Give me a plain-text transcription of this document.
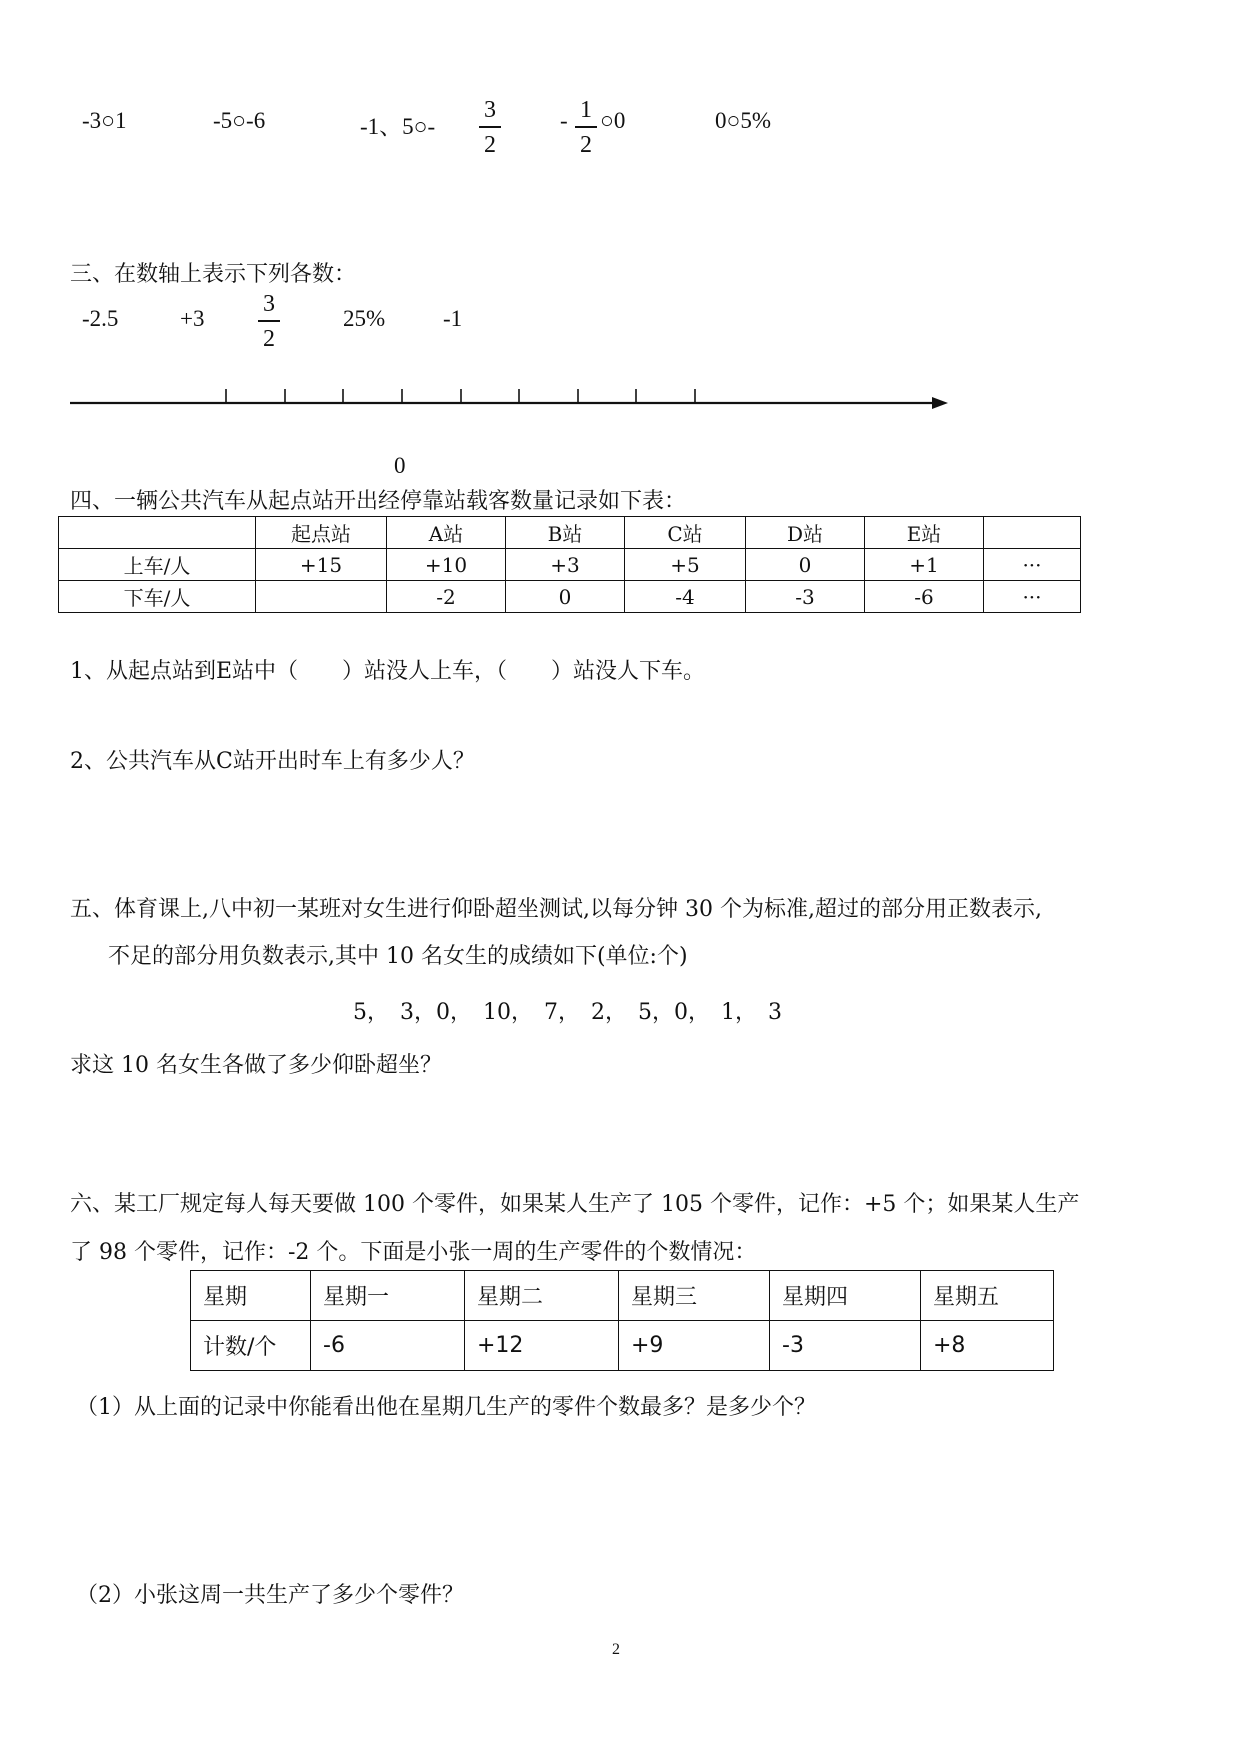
-3○1	-5○-6	-1、5○-
3
2
- 1
2
○0	0○5%
三、在数轴上表示下列各数：
-2.5	+3
3
2
25%	-1
0
四、一辆公共汽车从起点站开出经停靠站载客数量记录如下表：
	起点站	A站	B站	C站	D站	E站	
上车/人	+15	+10	+3	+5	0	+1	···
下车/人		-2	0	-4	-3	-6	···
1、从起点站到E站中（　　）站没人上车，（　　）站没人下车。
2、公共汽车从C站开出时车上有多少人？
五、体育课上,八中初一某班对女生进行仰卧超坐测试,以每分钟 30 个为标准,超过的部分用正数表示,
不足的部分用负数表示,其中 10 名女生的成绩如下(单位:个)
5，　3，0，　10，　7，　2，　5，0，　1，　3
求这 10 名女生各做了多少仰卧超坐？
六、某工厂规定每人每天要做 100 个零件，如果某人生产了 105 个零件，记作：+5 个；如果某人生产
了 98 个零件，记作：-2 个。下面是小张一周的生产零件的个数情况：
星期	星期一	星期二	星期三	星期四	星期五
计数/个	-6	+12	+9	-3	+8
（1）从上面的记录中你能看出他在星期几生产的零件个数最多？是多少个？
（2）小张这周一共生产了多少个零件？
2
